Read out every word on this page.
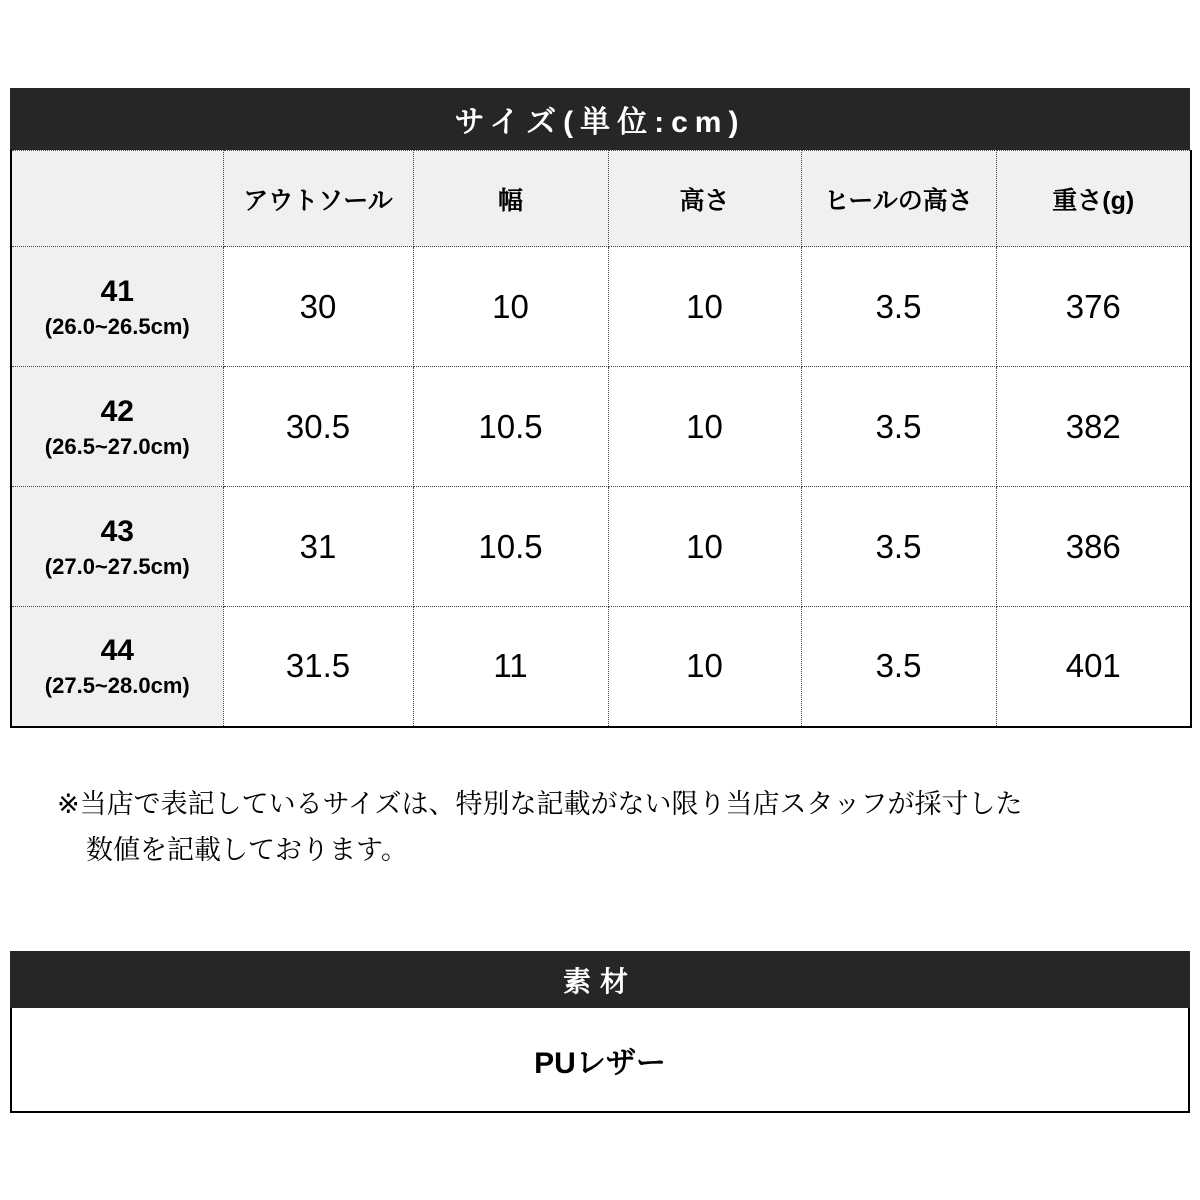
サイズ(単位:cm)
	アウトソール	幅	高さ	ヒールの高さ	重さ(g)

41
(26.0~26.5cm)	30	10	10	3.5	376

42
(26.5~27.0cm)	30.5	10.5	10	3.5	382

43
(27.0~27.5cm)	31	10.5	10	3.5	386

44
(27.5~28.0cm)	31.5	11	10	3.5	401
※当店で表記しているサイズは、特別な記載がない限り当店スタッフが採寸した
数値を記載しております。
素材
PUレザー
